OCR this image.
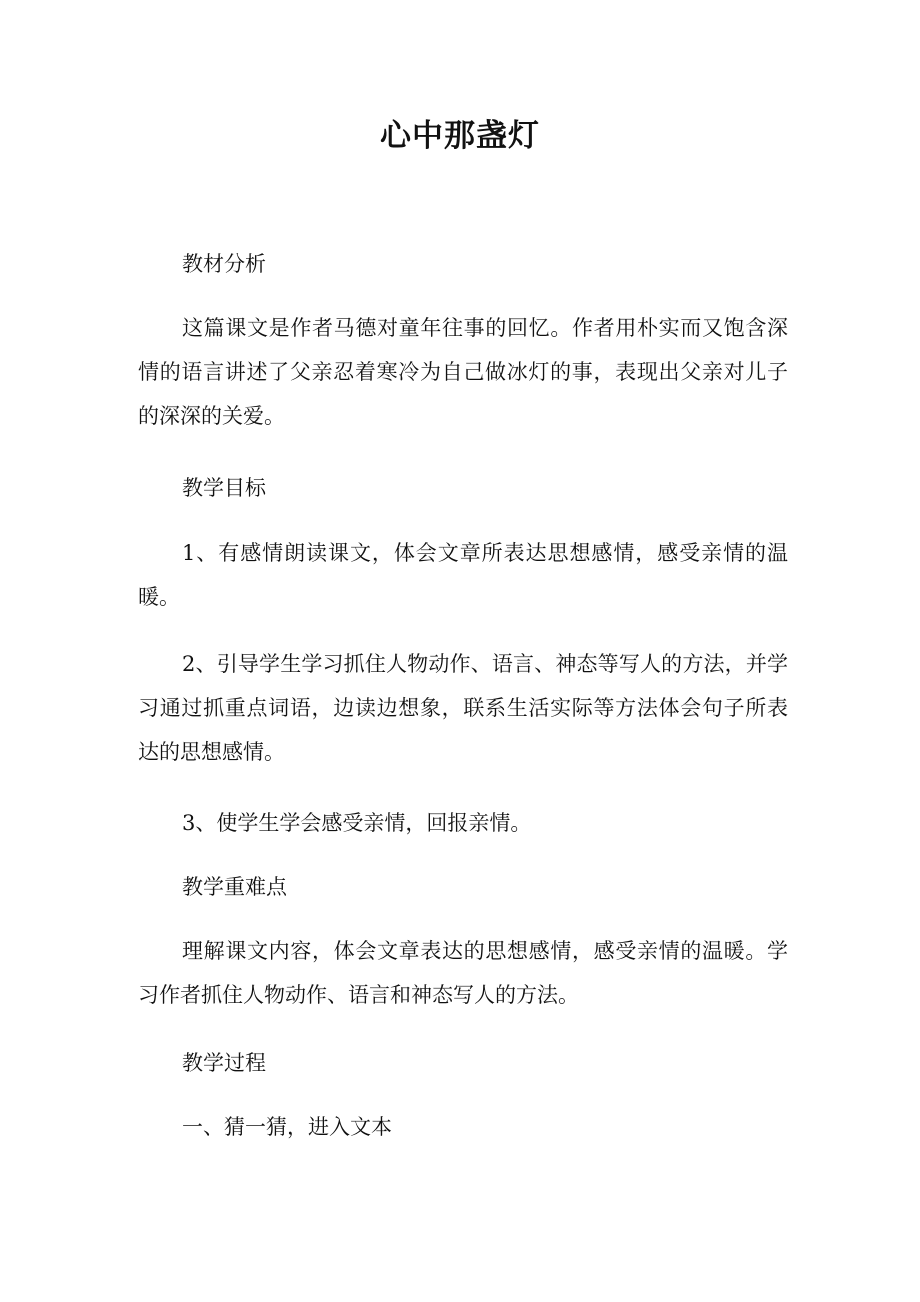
心中那盏灯

教材分析

这篇课文是作者马德对童年往事的回忆。作者用朴实而又饱含深情的语言讲述了父亲忍着寒冷为自己做冰灯的事，表现出父亲对儿子的深深的关爱。

教学目标

1、有感情朗读课文，体会文章所表达思想感情，感受亲情的温暖。

2、引导学生学习抓住人物动作、语言、神态等写人的方法，并学习通过抓重点词语，边读边想象，联系生活实际等方法体会句子所表达的思想感情。

3、使学生学会感受亲情，回报亲情。

教学重难点

理解课文内容，体会文章表达的思想感情，感受亲情的温暖。学习作者抓住人物动作、语言和神态写人的方法。

教学过程

一、猜一猜，进入文本
